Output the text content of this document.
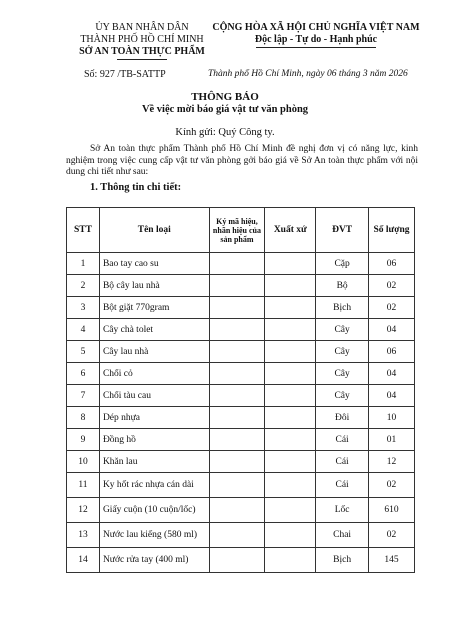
ỦY BAN NHÂN DÂN
THÀNH PHỐ HỒ CHÍ MINH
SỞ AN TOÀN THỰC PHẨM
CỘNG HÒA XÃ HỘI CHỦ NGHĨA VIỆT NAM
Độc lập - Tự do - Hạnh phúc
Số: 927 /TB-SATTP	Thành phố Hồ Chí Minh, ngày 06 tháng 3 năm 2026
THÔNG BÁO
Về việc mời báo giá vật tư văn phòng
Kính gửi: Quý Công ty.
Sở An toàn thực phẩm Thành phố Hồ Chí Minh đề nghị đơn vị có năng lực, kinh nghiệm trong việc cung cấp vật tư văn phòng gởi báo giá về Sở An toàn thực phẩm với nội dung chi tiết như sau:
1. Thông tin chi tiết:
STT	Tên loại	Ký mã hiệu, nhãn hiệu của sản phẩm	Xuất xứ	ĐVT	Số lượng
1	Bao tay cao su			Cặp	06
2	Bộ cây lau nhà			Bộ	02
3	Bột giặt 770gram			Bịch	02
4	Cây chà tolet			Cây	04
5	Cây lau nhà			Cây	06
6	Chổi cỏ			Cây	04
7	Chổi tàu cau			Cây	04
8	Dép nhựa			Đôi	10
9	Đồng hồ			Cái	01
10	Khăn lau			Cái	12
11	Ky hốt rác nhựa cán dài			Cái	02
12	Giấy cuộn (10 cuộn/lốc)			Lốc	610
13	Nước lau kiếng (580 ml)			Chai	02
14	Nước rửa tay (400 ml)			Bịch	145
